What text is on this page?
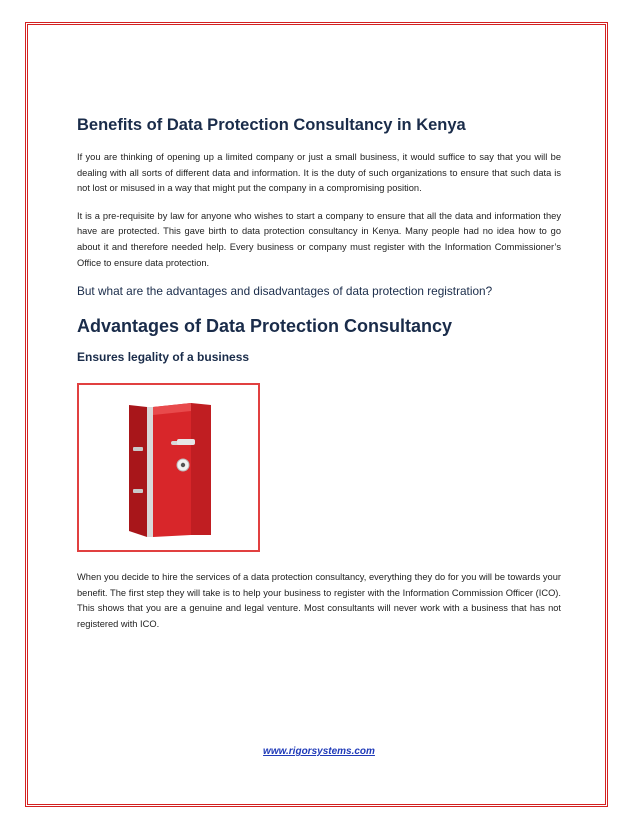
Benefits of Data Protection Consultancy in Kenya

If you are thinking of opening up a limited company or just a small business, it would suffice to say that you will be dealing with all sorts of different data and information. It is the duty of such organizations to ensure that such data is not lost or misused in a way that might put the company in a compromising position.

It is a pre-requisite by law for anyone who wishes to start a company to ensure that all the data and information they have are protected. This gave birth to data protection consultancy in Kenya. Many people had no idea how to go about it and therefore needed help. Every business or company must register with the Information Commissioner’s Office to ensure data protection.

But what are the advantages and disadvantages of data protection registration?

Advantages of Data Protection Consultancy
Ensures legality of a business

When you decide to hire the services of a data protection consultancy, everything they do for you will be towards your benefit. The first step they will take is to help your business to register with the Information Commission Officer (ICO). This shows that you are a genuine and legal venture. Most consultants will never work with a business that has not registered with ICO.

www.rigorsystems.com
